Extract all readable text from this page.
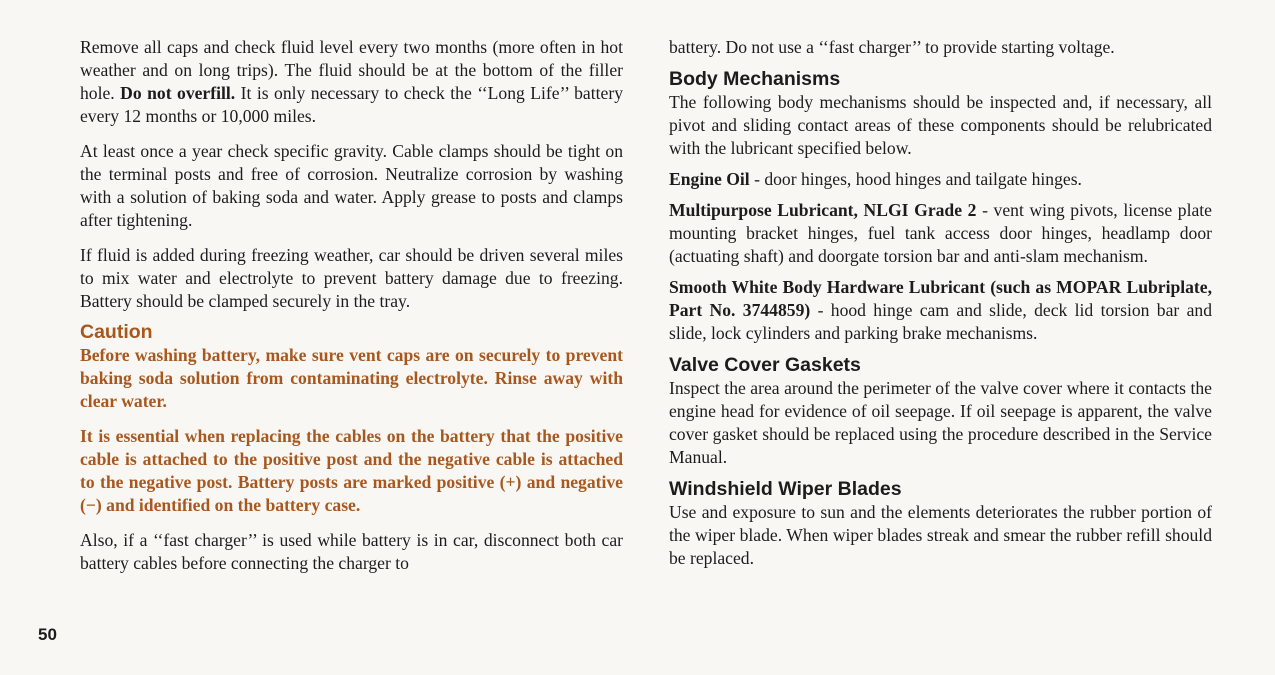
Remove all caps and check fluid level every two months (more often in hot weather and on long trips). The fluid should be at the bottom of the filler hole. Do not overfill. It is only necessary to check the ‘‘Long Life’’ battery every 12 months or 10,000 miles.

At least once a year check specific gravity. Cable clamps should be tight on the terminal posts and free of corrosion. Neutralize corrosion by washing with a solution of baking soda and water. Apply grease to posts and clamps after tightening.

If fluid is added during freezing weather, car should be driven several miles to mix water and electrolyte to prevent battery damage due to freezing. Battery should be clamped securely in the tray.

Caution

Before washing battery, make sure vent caps are on securely to prevent baking soda solution from contaminating electrolyte. Rinse away with clear water.

It is essential when replacing the cables on the battery that the positive cable is attached to the positive post and the negative cable is attached to the negative post. Battery posts are marked positive (+) and negative (−) and identified on the battery case.

Also, if a ‘‘fast charger’’ is used while battery is in car, disconnect both car battery cables before connecting the charger to

50

battery. Do not use a ‘‘fast charger’’ to provide starting voltage.

Body Mechanisms

The following body mechanisms should be inspected and, if necessary, all pivot and sliding contact areas of these components should be relubricated with the lubricant specified below.

Engine Oil - door hinges, hood hinges and tailgate hinges.

Multipurpose Lubricant, NLGI Grade 2 - vent wing pivots, license plate mounting bracket hinges, fuel tank access door hinges, headlamp door (actuating shaft) and doorgate torsion bar and anti-slam mechanism.

Smooth White Body Hardware Lubricant (such as MOPAR Lubriplate, Part No. 3744859) - hood hinge cam and slide, deck lid torsion bar and slide, lock cylinders and parking brake mechanisms.

Valve Cover Gaskets

Inspect the area around the perimeter of the valve cover where it contacts the engine head for evidence of oil seepage. If oil seepage is apparent, the valve cover gasket should be replaced using the procedure described in the Service Manual.

Windshield Wiper Blades

Use and exposure to sun and the elements deteriorates the rubber portion of the wiper blade. When wiper blades streak and smear the rubber refill should be replaced.
